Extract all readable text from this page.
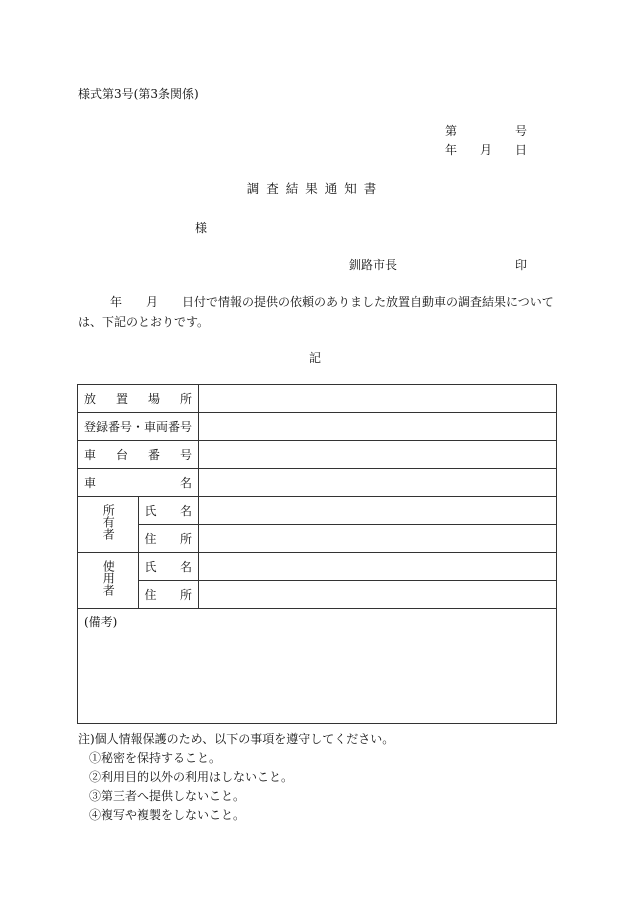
様式第3号(第3条関係)
第	号
年 月 日
調査結果通知書
様
釧路市長	印
年　　月　　日付で情報の提供の依頼のありました放置自動車の調査結果について
は、下記のとおりです。
記
放 置 場 所		

登録番号・車両番号		

車 台 番 号		

車 名		

所有者	氏 名	

	住 所	

使用者	氏 名	

	住 所	

(備考)		
注)個人情報保護のため、以下の事項を遵守してください。
①秘密を保持すること。
②利用目的以外の利用はしないこと。
③第三者へ提供しないこと。
④複写や複製をしないこと。
